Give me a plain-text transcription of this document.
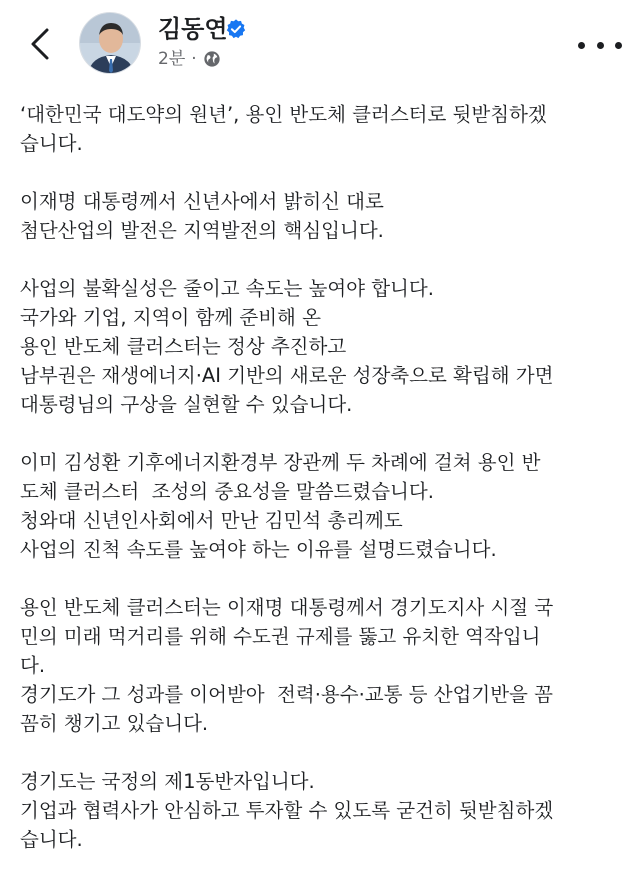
김동연
2분 ·
‘대한민국 대도약의 원년’, 용인 반도체 클러스터로 뒷받침하겠
습니다.
이재명 대통령께서 신년사에서 밝히신 대로
첨단산업의 발전은 지역발전의 핵심입니다.
사업의 불확실성은 줄이고 속도는 높여야 합니다.
국가와 기업, 지역이 함께 준비해 온
용인 반도체 클러스터는 정상 추진하고
남부권은 재생에너지·AI 기반의 새로운 성장축으로 확립해 가면
대통령님의 구상을 실현할 수 있습니다.
이미 김성환 기후에너지환경부 장관께 두 차례에 걸쳐 용인 반
도체 클러스터  조성의 중요성을 말씀드렸습니다.
청와대 신년인사회에서 만난 김민석 총리께도
사업의 진척 속도를 높여야 하는 이유를 설명드렸습니다.
용인 반도체 클러스터는 이재명 대통령께서 경기도지사 시절 국
민의 미래 먹거리를 위해 수도권 규제를 뚫고 유치한 역작입니
다.
경기도가 그 성과를 이어받아  전력·용수·교통 등 산업기반을 꼼
꼼히 챙기고 있습니다.
경기도는 국정의 제1동반자입니다.
기업과 협력사가 안심하고 투자할 수 있도록 굳건히 뒷받침하겠
습니다.
